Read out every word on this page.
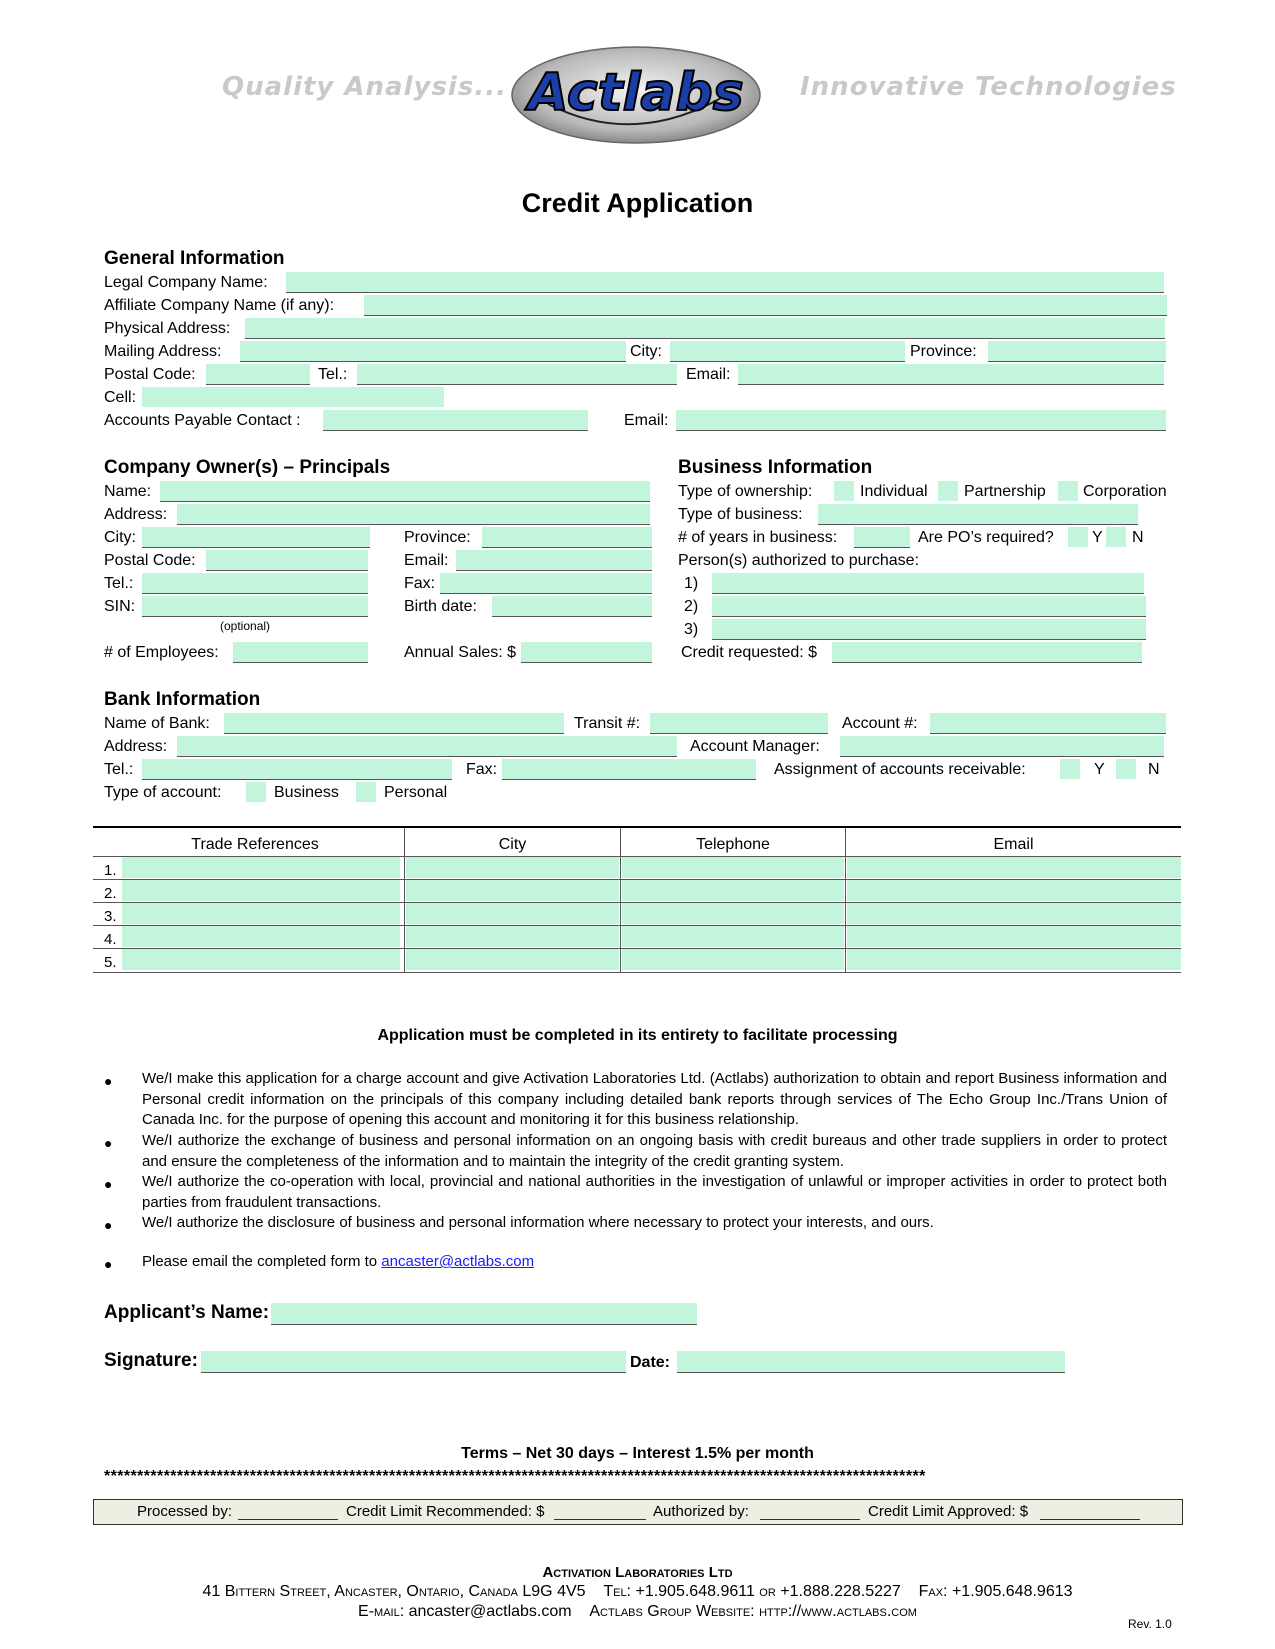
Quality Analysis... Actlabs Innovative Technologies
Credit Application
General Information
Legal Company Name:
Affiliate Company Name (if any):
Physical Address:
Mailing Address:	City:	Province:
Postal Code:	Tel.:	Email:
Cell:
Accounts Payable Contact :	Email:
Company Owner(s) – Principals
Name:
Address:
City:	Province:
Postal Code:	Email:
Tel.:	Fax:
SIN:	Birth date:
(optional)
# of Employees:	Annual Sales: $
Business Information
Type of ownership:	Individual Partnership Corporation
Type of business:
# of years in business:	Are PO’s required? Y N
Person(s) authorized to purchase:
1)
2)
3)
Credit requested: $
Bank Information
Name of Bank:	Transit #:	Account #:
Address:	Account Manager:
Tel.:	Fax:	Assignment of accounts receivable:	Y	N
Type of account:	Business	Personal
Trade References	City	Telephone	Email
1.
2.
3.
4.
5.
Application must be completed in its entirety to facilitate processing
● We/I make this application for a charge account and give Activation Laboratories Ltd. (Actlabs) authorization to obtain and report Business information and Personal credit information on the principals of this company including detailed bank reports through services of The Echo Group Inc./Trans Union of Canada Inc. for the purpose of opening this account and monitoring it for this business relationship.
● We/I authorize the exchange of business and personal information on an ongoing basis with credit bureaus and other trade suppliers in order to protect and ensure the completeness of the information and to maintain the integrity of the credit granting system.
● We/I authorize the co-operation with local, provincial and national authorities in the investigation of unlawful or improper activities in order to protect both parties from fraudulent transactions.
● We/I authorize the disclosure of business and personal information where necessary to protect your interests, and ours.
● Please email the completed form to ancaster@actlabs.com
Applicant’s Name:
Signature:	Date:
Terms – Net 30 days – Interest 1.5% per month
****************************************************************************************************************************
Processed by:	Credit Limit Recommended: $	Authorized by:	Credit Limit Approved: $
Activation Laboratories Ltd
41 Bittern Street, Ancaster, Ontario, Canada L9G 4V5 Tel: +1.905.648.9611 or +1.888.228.5227 Fax: +1.905.648.9613
E-mail: ancaster@actlabs.com Actlabs Group Website: http://www.actlabs.com
Rev. 1.0
